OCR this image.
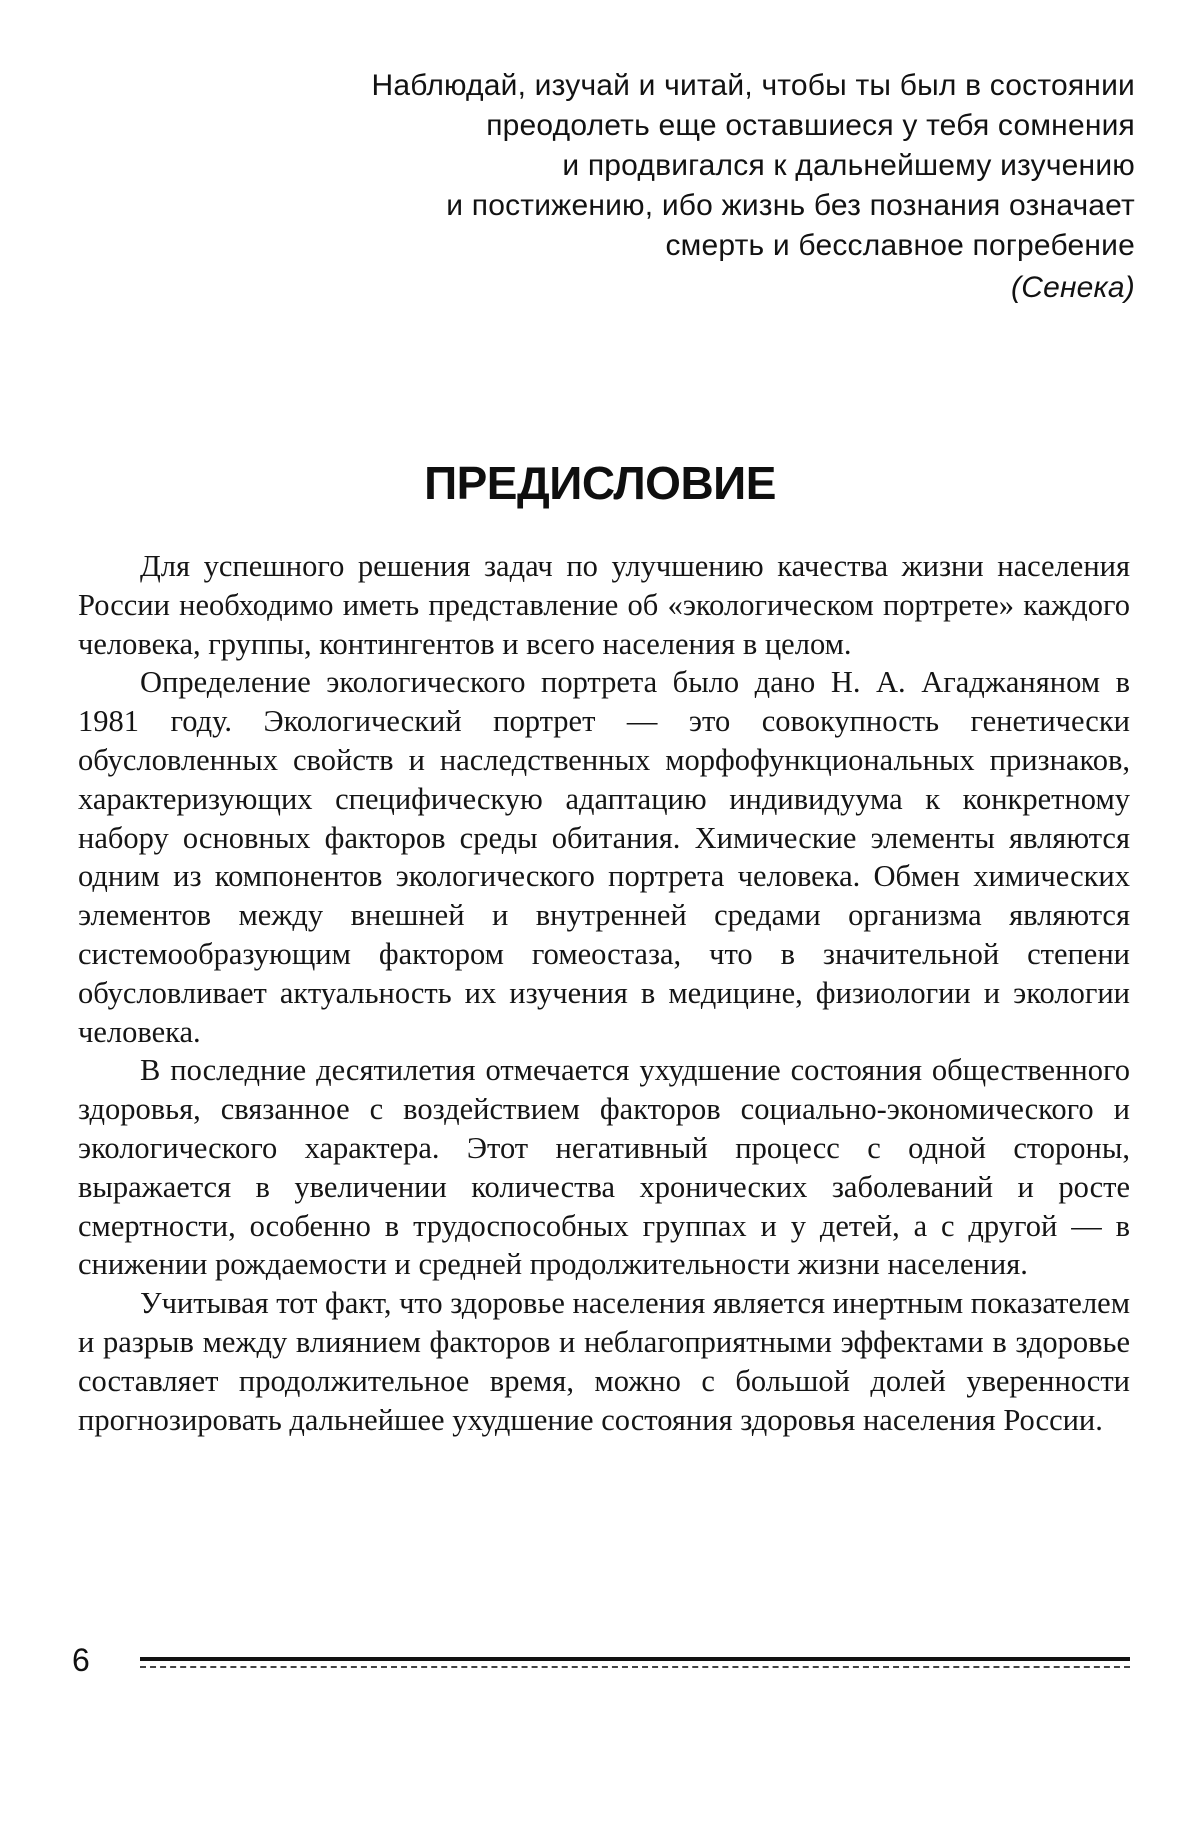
Наблюдай, изучай и читай, чтобы ты был в состоянии
преодолеть еще оставшиеся у тебя сомнения
и продвигался к дальнейшему изучению
и постижению, ибо жизнь без познания означает
смерть и бесславное погребение
(Сенека)
ПРЕДИСЛОВИЕ

Для успешного решения задач по улучшению качества жизни населения России необходимо иметь представление об «экологическом портрете» каждого человека, группы, контингентов и всего населения в целом.

Определение экологического портрета было дано Н. А. Агаджаняном в 1981 году. Экологический портрет — это совокупность генетически обусловленных свойств и наследственных морфофункциональных признаков, характеризующих специфическую адаптацию индивидуума к конкретному набору основных факторов среды обитания. Химические элементы являются одним из компонентов экологического портрета человека. Обмен химических элементов между внешней и внутренней средами организма являются системообразующим фактором гомеостаза, что в значительной степени обусловливает актуальность их изучения в медицине, физиологии и экологии человека.

В последние десятилетия отмечается ухудшение состояния общественного здоровья, связанное с воздействием факторов социально-экономического и экологического характера. Этот негативный процесс с одной стороны, выражается в увеличении количества хронических заболеваний и росте смертности, особенно в трудоспособных группах и у детей, а с другой — в снижении рождаемости и средней продолжительности жизни населения.

Учитывая тот факт, что здоровье населения является инертным показателем и разрыв между влиянием факторов и неблагоприятными эффектами в здоровье составляет продолжительное время, можно с большой долей уверенности прогнозировать дальнейшее ухудшение состояния здоровья населения России.

6
